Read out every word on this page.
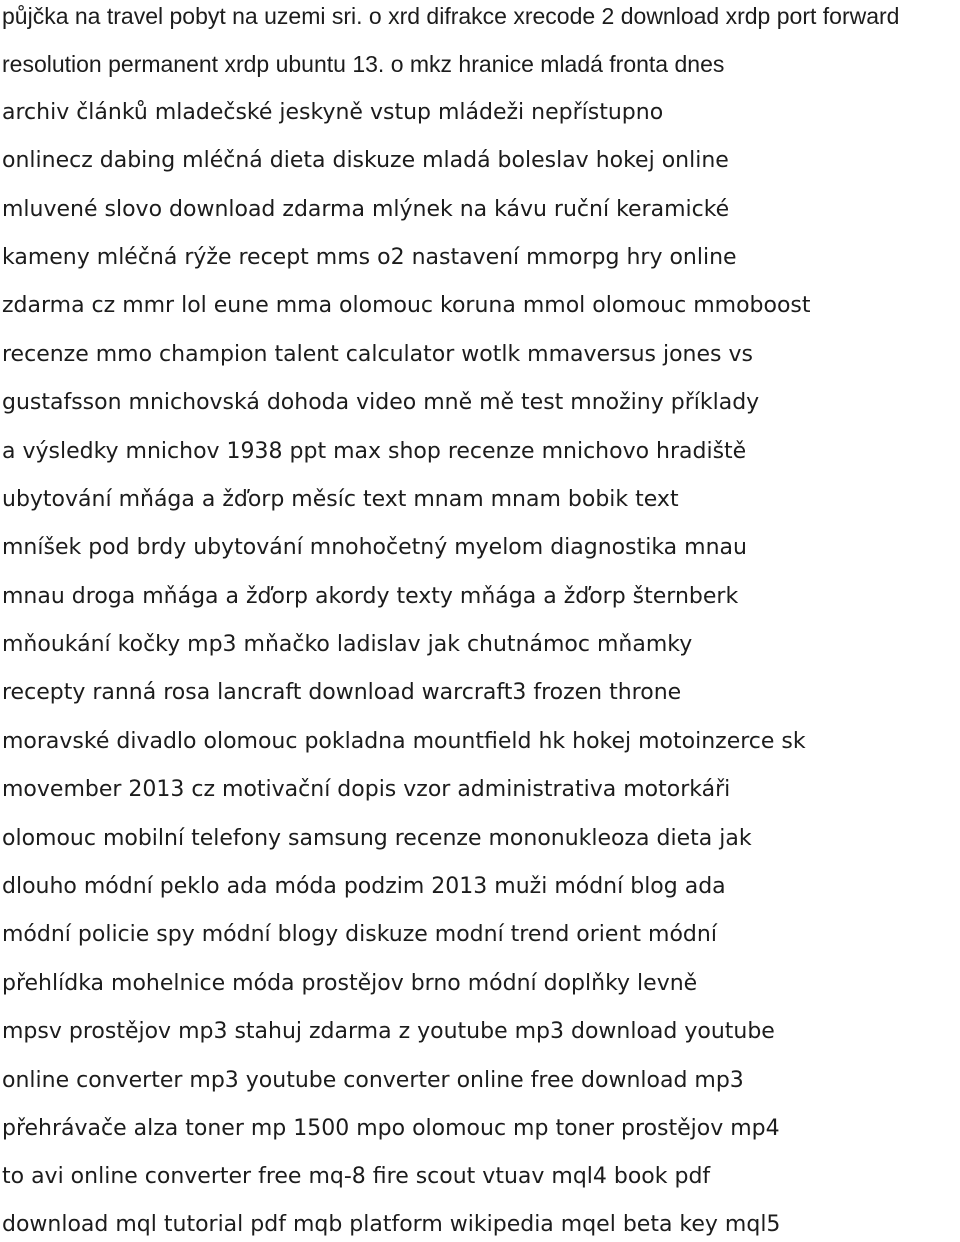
půjčka na travel pobyt na uzemi sri. o xrd difrakce xrecode 2 download xrdp port forward
resolution permanent xrdp ubuntu 13. o mkz hranice mladá fronta dnes
archiv článků mladečské jeskyně vstup mládeži nepřístupno
onlinecz dabing mléčná dieta diskuze mladá boleslav hokej online
mluvené slovo download zdarma mlýnek na kávu ruční keramické
kameny mléčná rýže recept mms o2 nastavení mmorpg hry online
zdarma cz mmr lol eune mma olomouc koruna mmol olomouc mmoboost
recenze mmo champion talent calculator wotlk mmaversus jones vs
gustafsson mnichovská dohoda video mně mě test množiny příklady
a výsledky mnichov 1938 ppt max shop recenze mnichovo hradiště
ubytování mňága a žďorp měsíc text mnam mnam bobik text
mníšek pod brdy ubytování mnohočetný myelom diagnostika mnau
mnau droga mňága a žďorp akordy texty mňága a žďorp šternberk
mňoukání kočky mp3 mňačko ladislav jak chutnámoc mňamky
recepty ranná rosa lancraft download warcraft3 frozen throne
moravské divadlo olomouc pokladna mountfield hk hokej motoinzerce sk
movember 2013 cz motivační dopis vzor administrativa motorkáři
olomouc mobilní telefony samsung recenze mononukleoza dieta jak
dlouho módní peklo ada móda podzim 2013 muži módní blog ada
módní policie spy módní blogy diskuze modní trend orient módní
přehlídka mohelnice móda prostějov brno módní doplňky levně
mpsv prostějov mp3 stahuj zdarma z youtube mp3 download youtube
online converter mp3 youtube converter online free download mp3
přehrávače alza toner mp 1500 mpo olomouc mp toner prostějov mp4
to avi online converter free mq-8 fire scout vtuav mql4 book pdf
download mql tutorial pdf mqb platform wikipedia mqel beta key mql5
